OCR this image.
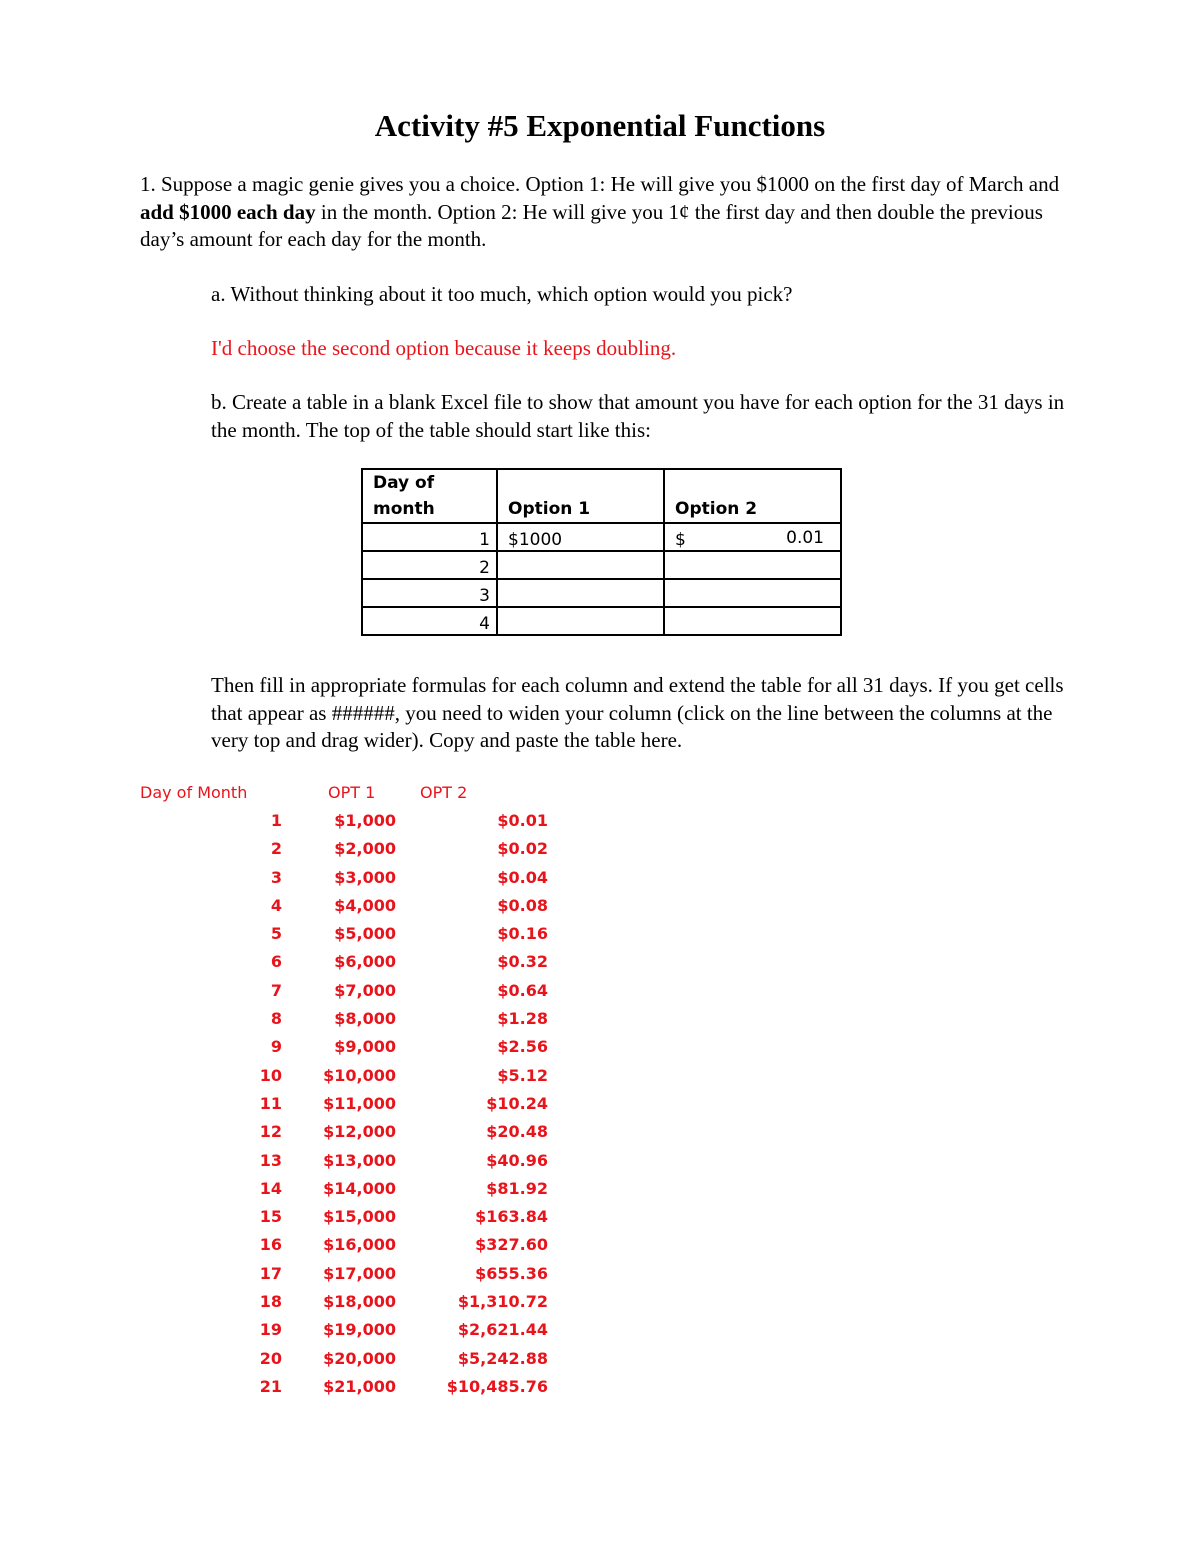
Activity #5 Exponential Functions

1. Suppose a magic genie gives you a choice. Option 1: He will give you $1000 on the first day of March and add $1000 each day in the month. Option 2: He will give you 1¢ the first day and then double the previous day’s amount for each day for the month.

a. Without thinking about it too much, which option would you pick?

I'd choose the second option because it keeps doubling.

b. Create a table in a blank Excel file to show that amount you have for each option for the 31 days in the month. The top of the table should start like this:

Day of month	Option 1	Option 2
1	$1000	$ 0.01

2		
3		
4		

Then fill in appropriate formulas for each column and extend the table for all 31 days. If you get cells that appear as ######, you need to widen your column (click on the line between the columns at the very top and drag wider). Copy and paste the table here.

Day of Month	OPT 1	OPT 2
1	$1,000	$0.01
2	$2,000	$0.02
3	$3,000	$0.04
4	$4,000	$0.08
5	$5,000	$0.16
6	$6,000	$0.32
7	$7,000	$0.64
8	$8,000	$1.28
9	$9,000	$2.56
10	$10,000	$5.12
11	$11,000	$10.24
12	$12,000	$20.48
13	$13,000	$40.96
14	$14,000	$81.92
15	$15,000	$163.84
16	$16,000	$327.60
17	$17,000	$655.36
18	$18,000	$1,310.72
19	$19,000	$2,621.44
20	$20,000	$5,242.88
21	$21,000	$10,485.76
